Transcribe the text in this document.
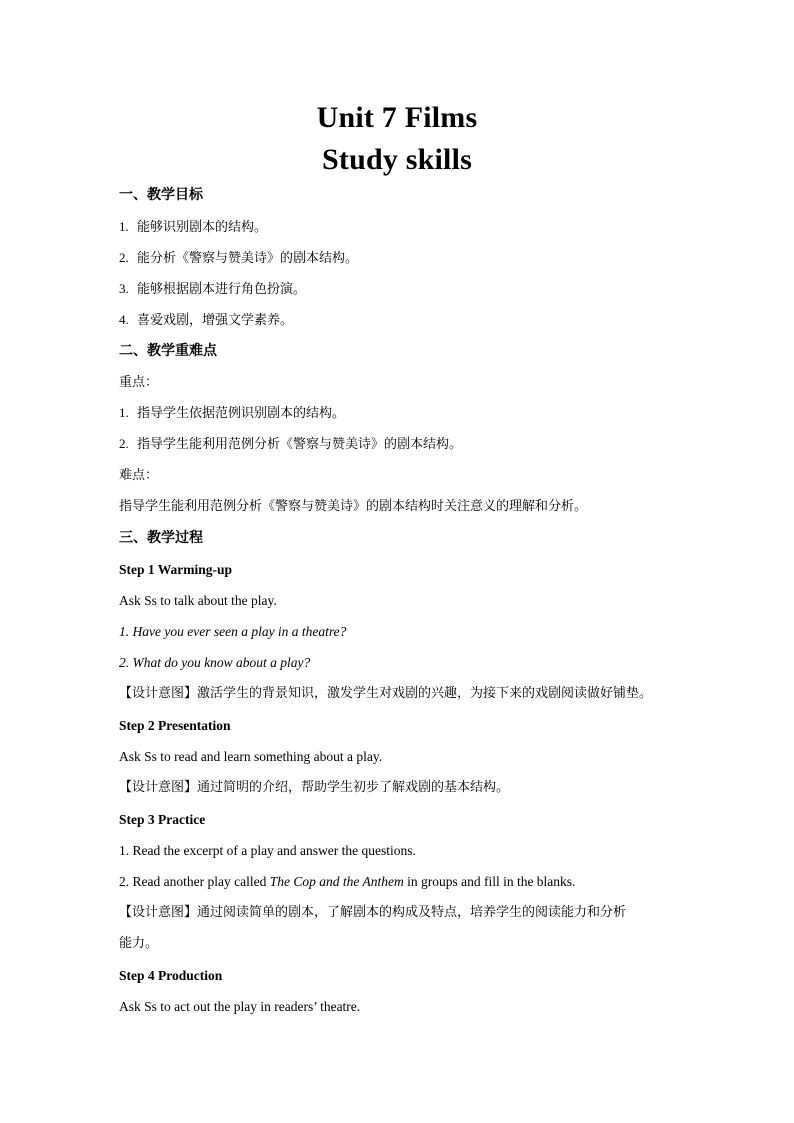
Unit 7 Films
Study skills
一、教学目标
1. 能够识别剧本的结构。
2. 能分析《警察与赞美诗》的剧本结构。
3. 能够根据剧本进行角色扮演。
4. 喜爱戏剧，增强文学素养。
二、教学重难点
重点：
1. 指导学生依据范例识别剧本的结构。
2. 指导学生能利用范例分析《警察与赞美诗》的剧本结构。
难点：
指导学生能利用范例分析《警察与赞美诗》的剧本结构时关注意义的理解和分析。
三、教学过程
Step 1 Warming-up
Ask Ss to talk about the play.
1. Have you ever seen a play in a theatre?
2. What do you know about a play?
【设计意图】激活学生的背景知识，激发学生对戏剧的兴趣，为接下来的戏剧阅读做好铺垫。
Step 2 Presentation
Ask Ss to read and learn something about a play.
【设计意图】通过简明的介绍，帮助学生初步了解戏剧的基本结构。
Step 3 Practice
1. Read the excerpt of a play and answer the questions.
2. Read another play called The Cop and the Anthem in groups and fill in the blanks.
【设计意图】通过阅读简单的剧本，了解剧本的构成及特点，培养学生的阅读能力和分析
能力。
Step 4 Production
Ask Ss to act out the play in readers’ theatre.
